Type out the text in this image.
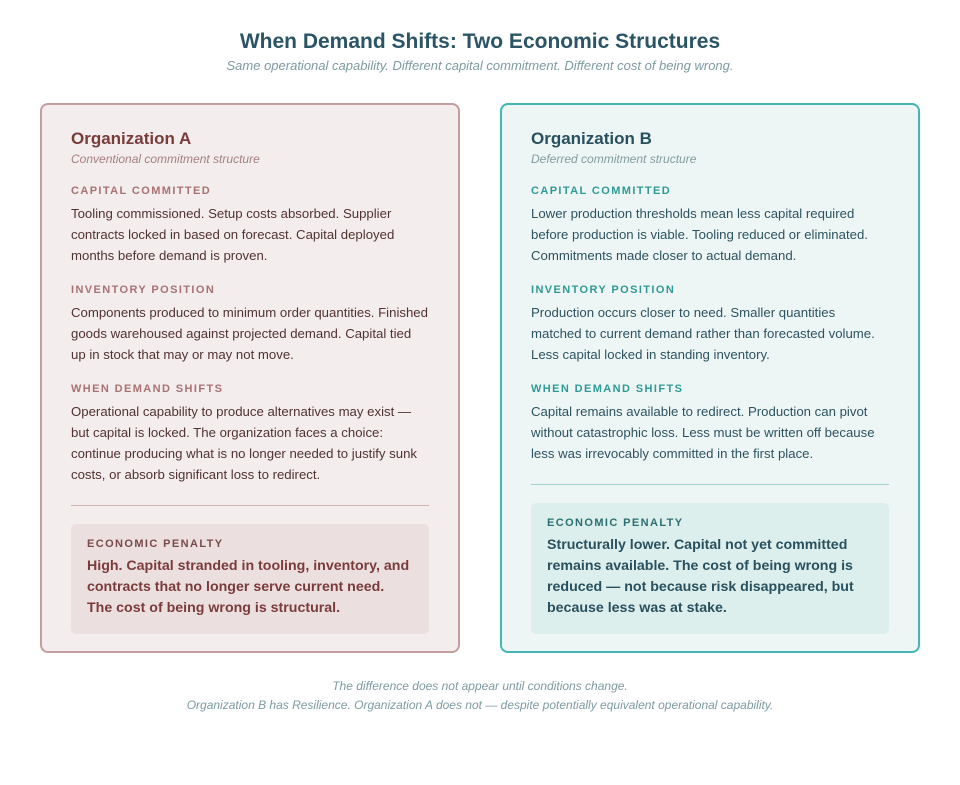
When Demand Shifts: Two Economic Structures
Same operational capability. Different capital commitment. Different cost of being wrong.
Organization A
Conventional commitment structure
CAPITAL COMMITTED
Tooling commissioned. Setup costs absorbed. Supplier contracts locked in based on forecast. Capital deployed months before demand is proven.
INVENTORY POSITION
Components produced to minimum order quantities. Finished goods warehoused against projected demand. Capital tied up in stock that may or may not move.
WHEN DEMAND SHIFTS
Operational capability to produce alternatives may exist — but capital is locked. The organization faces a choice: continue producing what is no longer needed to justify sunk costs, or absorb significant loss to redirect.
ECONOMIC PENALTY
High. Capital stranded in tooling, inventory, and contracts that no longer serve current need. The cost of being wrong is structural.
Organization B
Deferred commitment structure
CAPITAL COMMITTED
Lower production thresholds mean less capital required before production is viable. Tooling reduced or eliminated. Commitments made closer to actual demand.
INVENTORY POSITION
Production occurs closer to need. Smaller quantities matched to current demand rather than forecasted volume. Less capital locked in standing inventory.
WHEN DEMAND SHIFTS
Capital remains available to redirect. Production can pivot without catastrophic loss. Less must be written off because less was irrevocably committed in the first place.
ECONOMIC PENALTY
Structurally lower. Capital not yet committed remains available. The cost of being wrong is reduced — not because risk disappeared, but because less was at stake.
The difference does not appear until conditions change.
Organization B has Resilience. Organization A does not — despite potentially equivalent operational capability.
